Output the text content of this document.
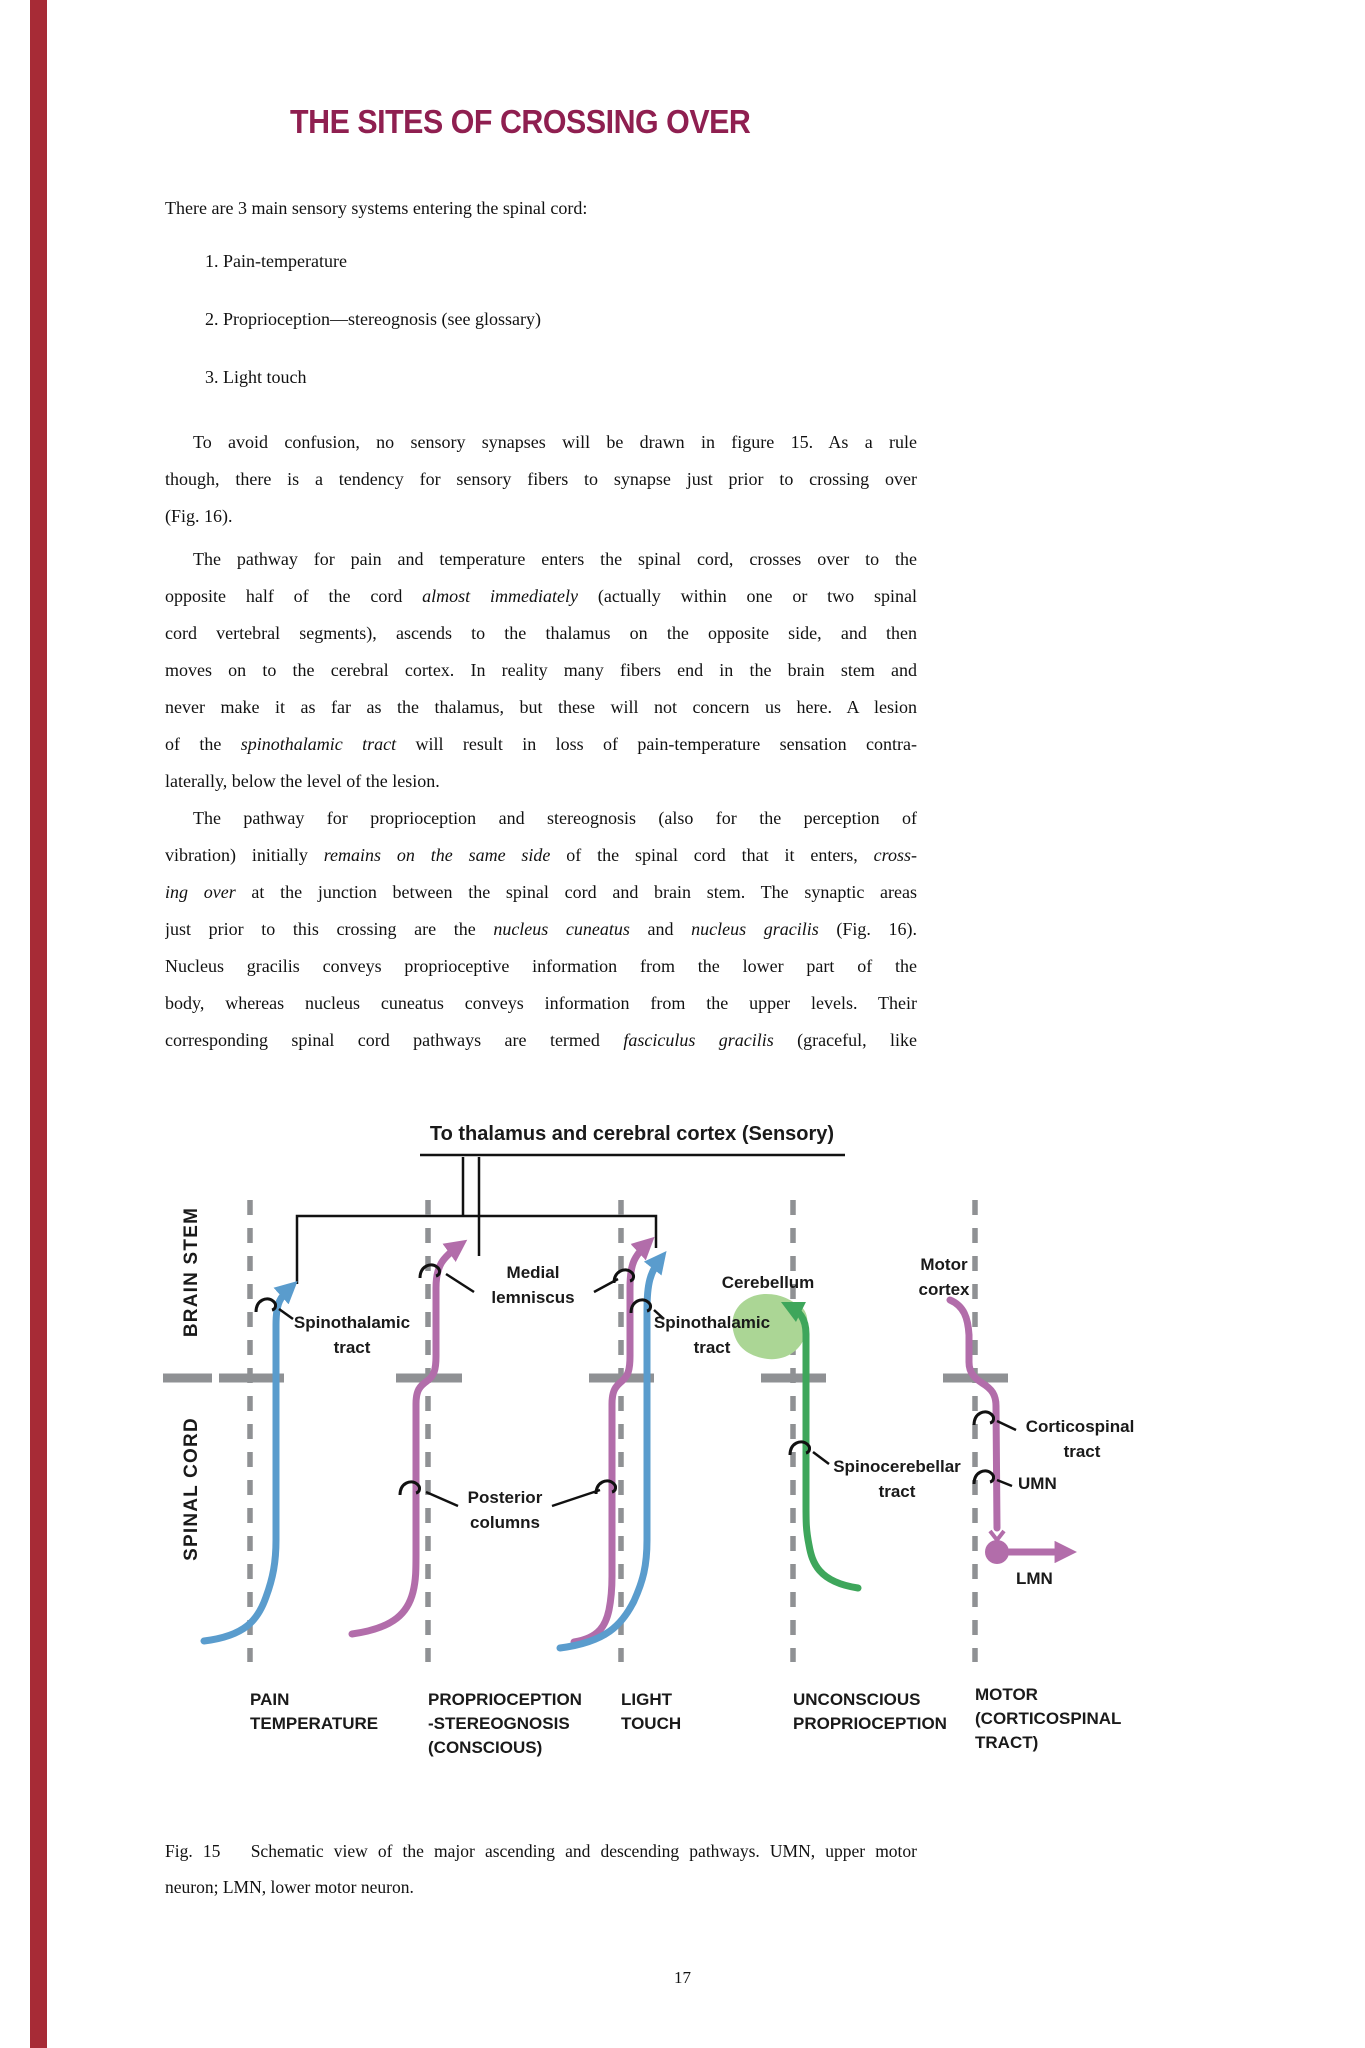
THE SITES OF CROSSING OVER
There are 3 main sensory systems entering the spinal cord:
1. Pain-temperature
2. Proprioception—stereognosis (see glossary)
3. Light touch
To avoid confusion, no sensory synapses will be drawn in figure 15. As a rule
though, there is a tendency for sensory fibers to synapse just prior to crossing over
(Fig. 16).
The pathway for pain and temperature enters the spinal cord, crosses over to the
opposite half of the cord almost immediately (actually within one or two spinal
cord vertebral segments), ascends to the thalamus on the opposite side, and then
moves on to the cerebral cortex. In reality many fibers end in the brain stem and
never make it as far as the thalamus, but these will not concern us here. A lesion
of the spinothalamic tract will result in loss of pain-temperature sensation contra-
laterally, below the level of the lesion.
The pathway for proprioception and stereognosis (also for the perception of
vibration) initially remains on the same side of the spinal cord that it enters, cross-
ing over at the junction between the spinal cord and brain stem. The synaptic areas
just prior to this crossing are the nucleus cuneatus and nucleus gracilis (Fig. 16).
Nucleus gracilis conveys proprioceptive information from the lower part of the
body, whereas nucleus cuneatus conveys information from the upper levels. Their
corresponding spinal cord pathways are termed fasciculus gracilis (graceful, like
To thalamus and cerebral cortex (Sensory)
BRAIN STEM
SPINAL CORD
Spinothalamic
tract
Medial
lemniscus
Spinothalamic
tract
Posterior
columns
Cerebellum
Spinocerebellar
tract
Motor
cortex
Corticospinal
tract
UMN
LMN
PAIN
TEMPERATURE
PROPRIOCEPTION
-STEREOGNOSIS
(CONSCIOUS)
LIGHT
TOUCH
UNCONSCIOUS
PROPRIOCEPTION
MOTOR
(CORTICOSPINAL
TRACT)
Fig. 15   Schematic view of the major ascending and descending pathways. UMN, upper motor
neuron; LMN, lower motor neuron.
17
